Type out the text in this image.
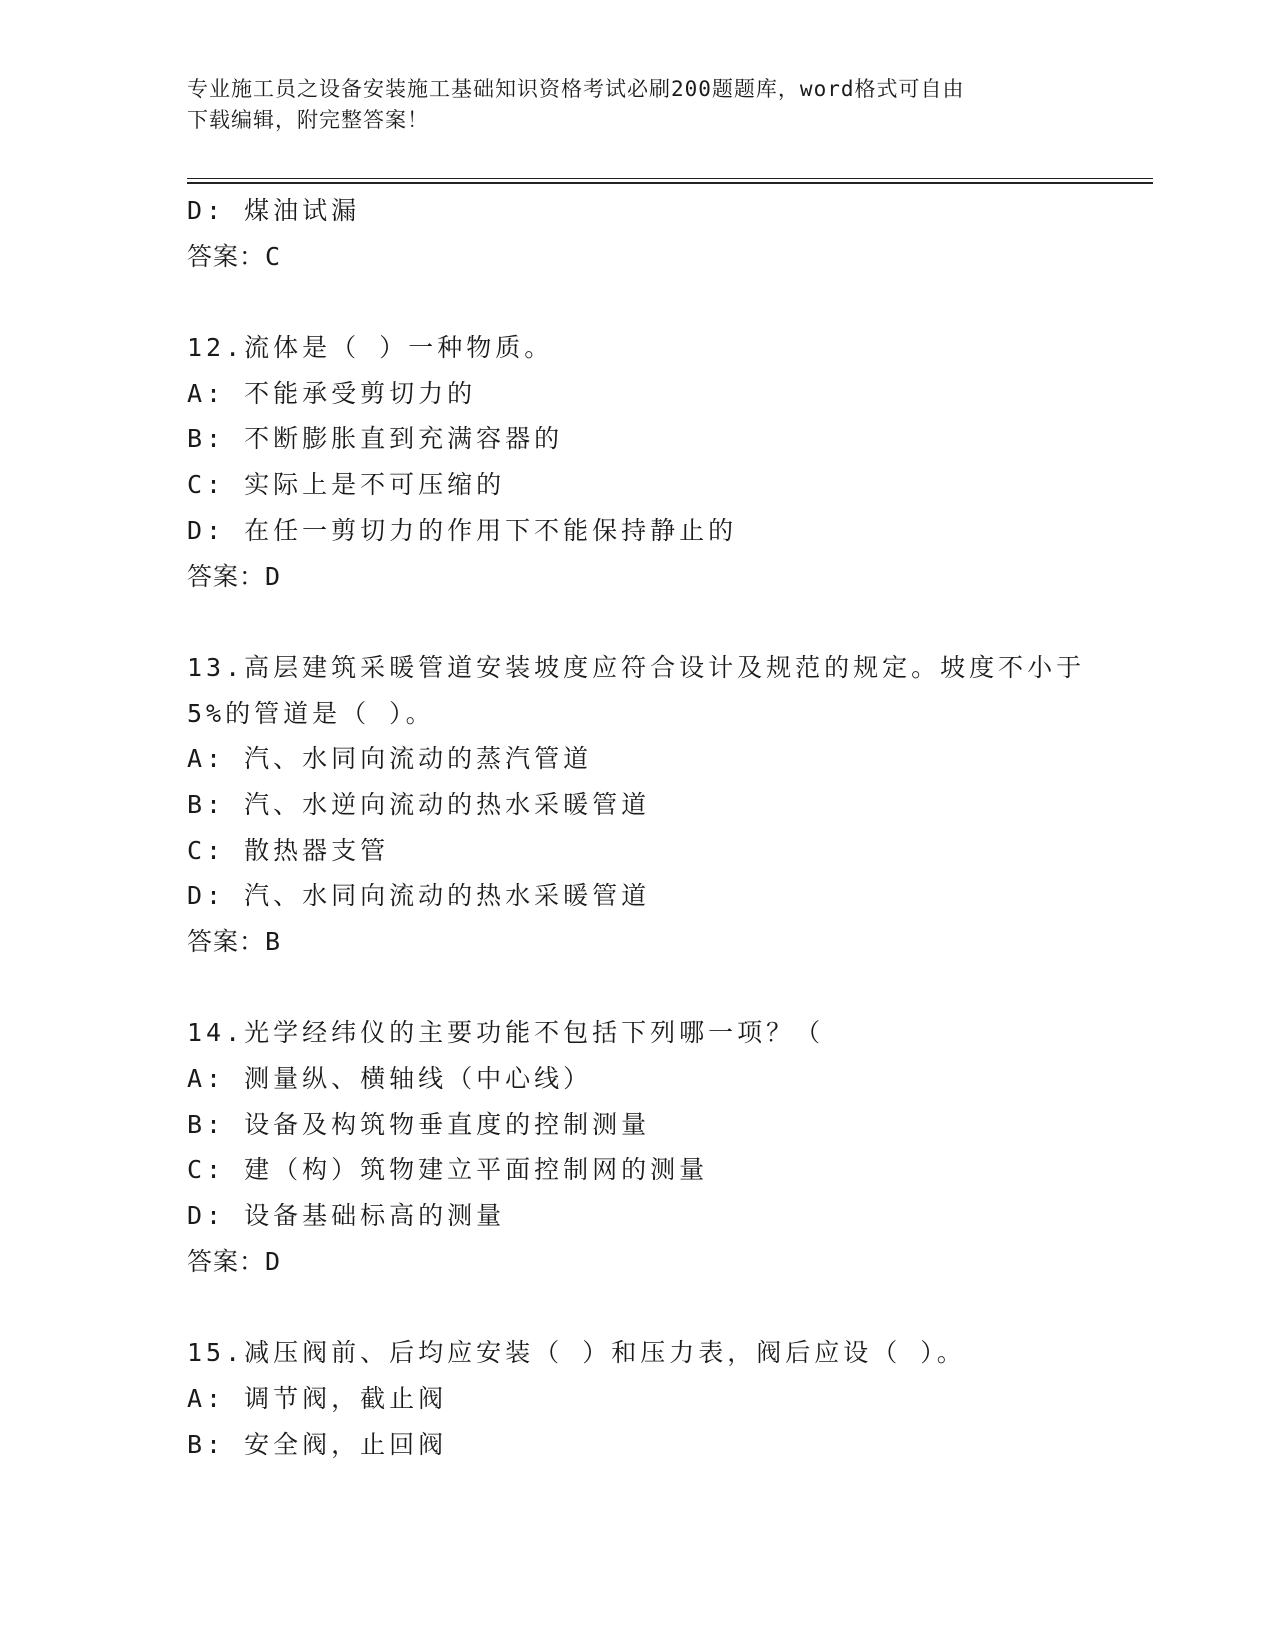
专业施工员之设备安装施工基础知识资格考试必刷200题题库，word格式可自由
下载编辑，附完整答案！
D: 煤油试漏
答案：C
12.流体是（ ）一种物质。
A: 不能承受剪切力的
B: 不断膨胀直到充满容器的
C: 实际上是不可压缩的
D: 在任一剪切力的作用下不能保持静止的
答案：D
13.高层建筑采暖管道安装坡度应符合设计及规范的规定。坡度不小于
5%的管道是（ ）。
A: 汽、水同向流动的蒸汽管道
B: 汽、水逆向流动的热水采暖管道
C: 散热器支管
D: 汽、水同向流动的热水采暖管道
答案：B
14.光学经纬仪的主要功能不包括下列哪一项？（
A: 测量纵、横轴线（中心线）
B: 设备及构筑物垂直度的控制测量
C: 建（构）筑物建立平面控制网的测量
D: 设备基础标高的测量
答案：D
15.减压阀前、后均应安装（ ）和压力表，阀后应设（ ）。
A: 调节阀，截止阀
B: 安全阀，止回阀
